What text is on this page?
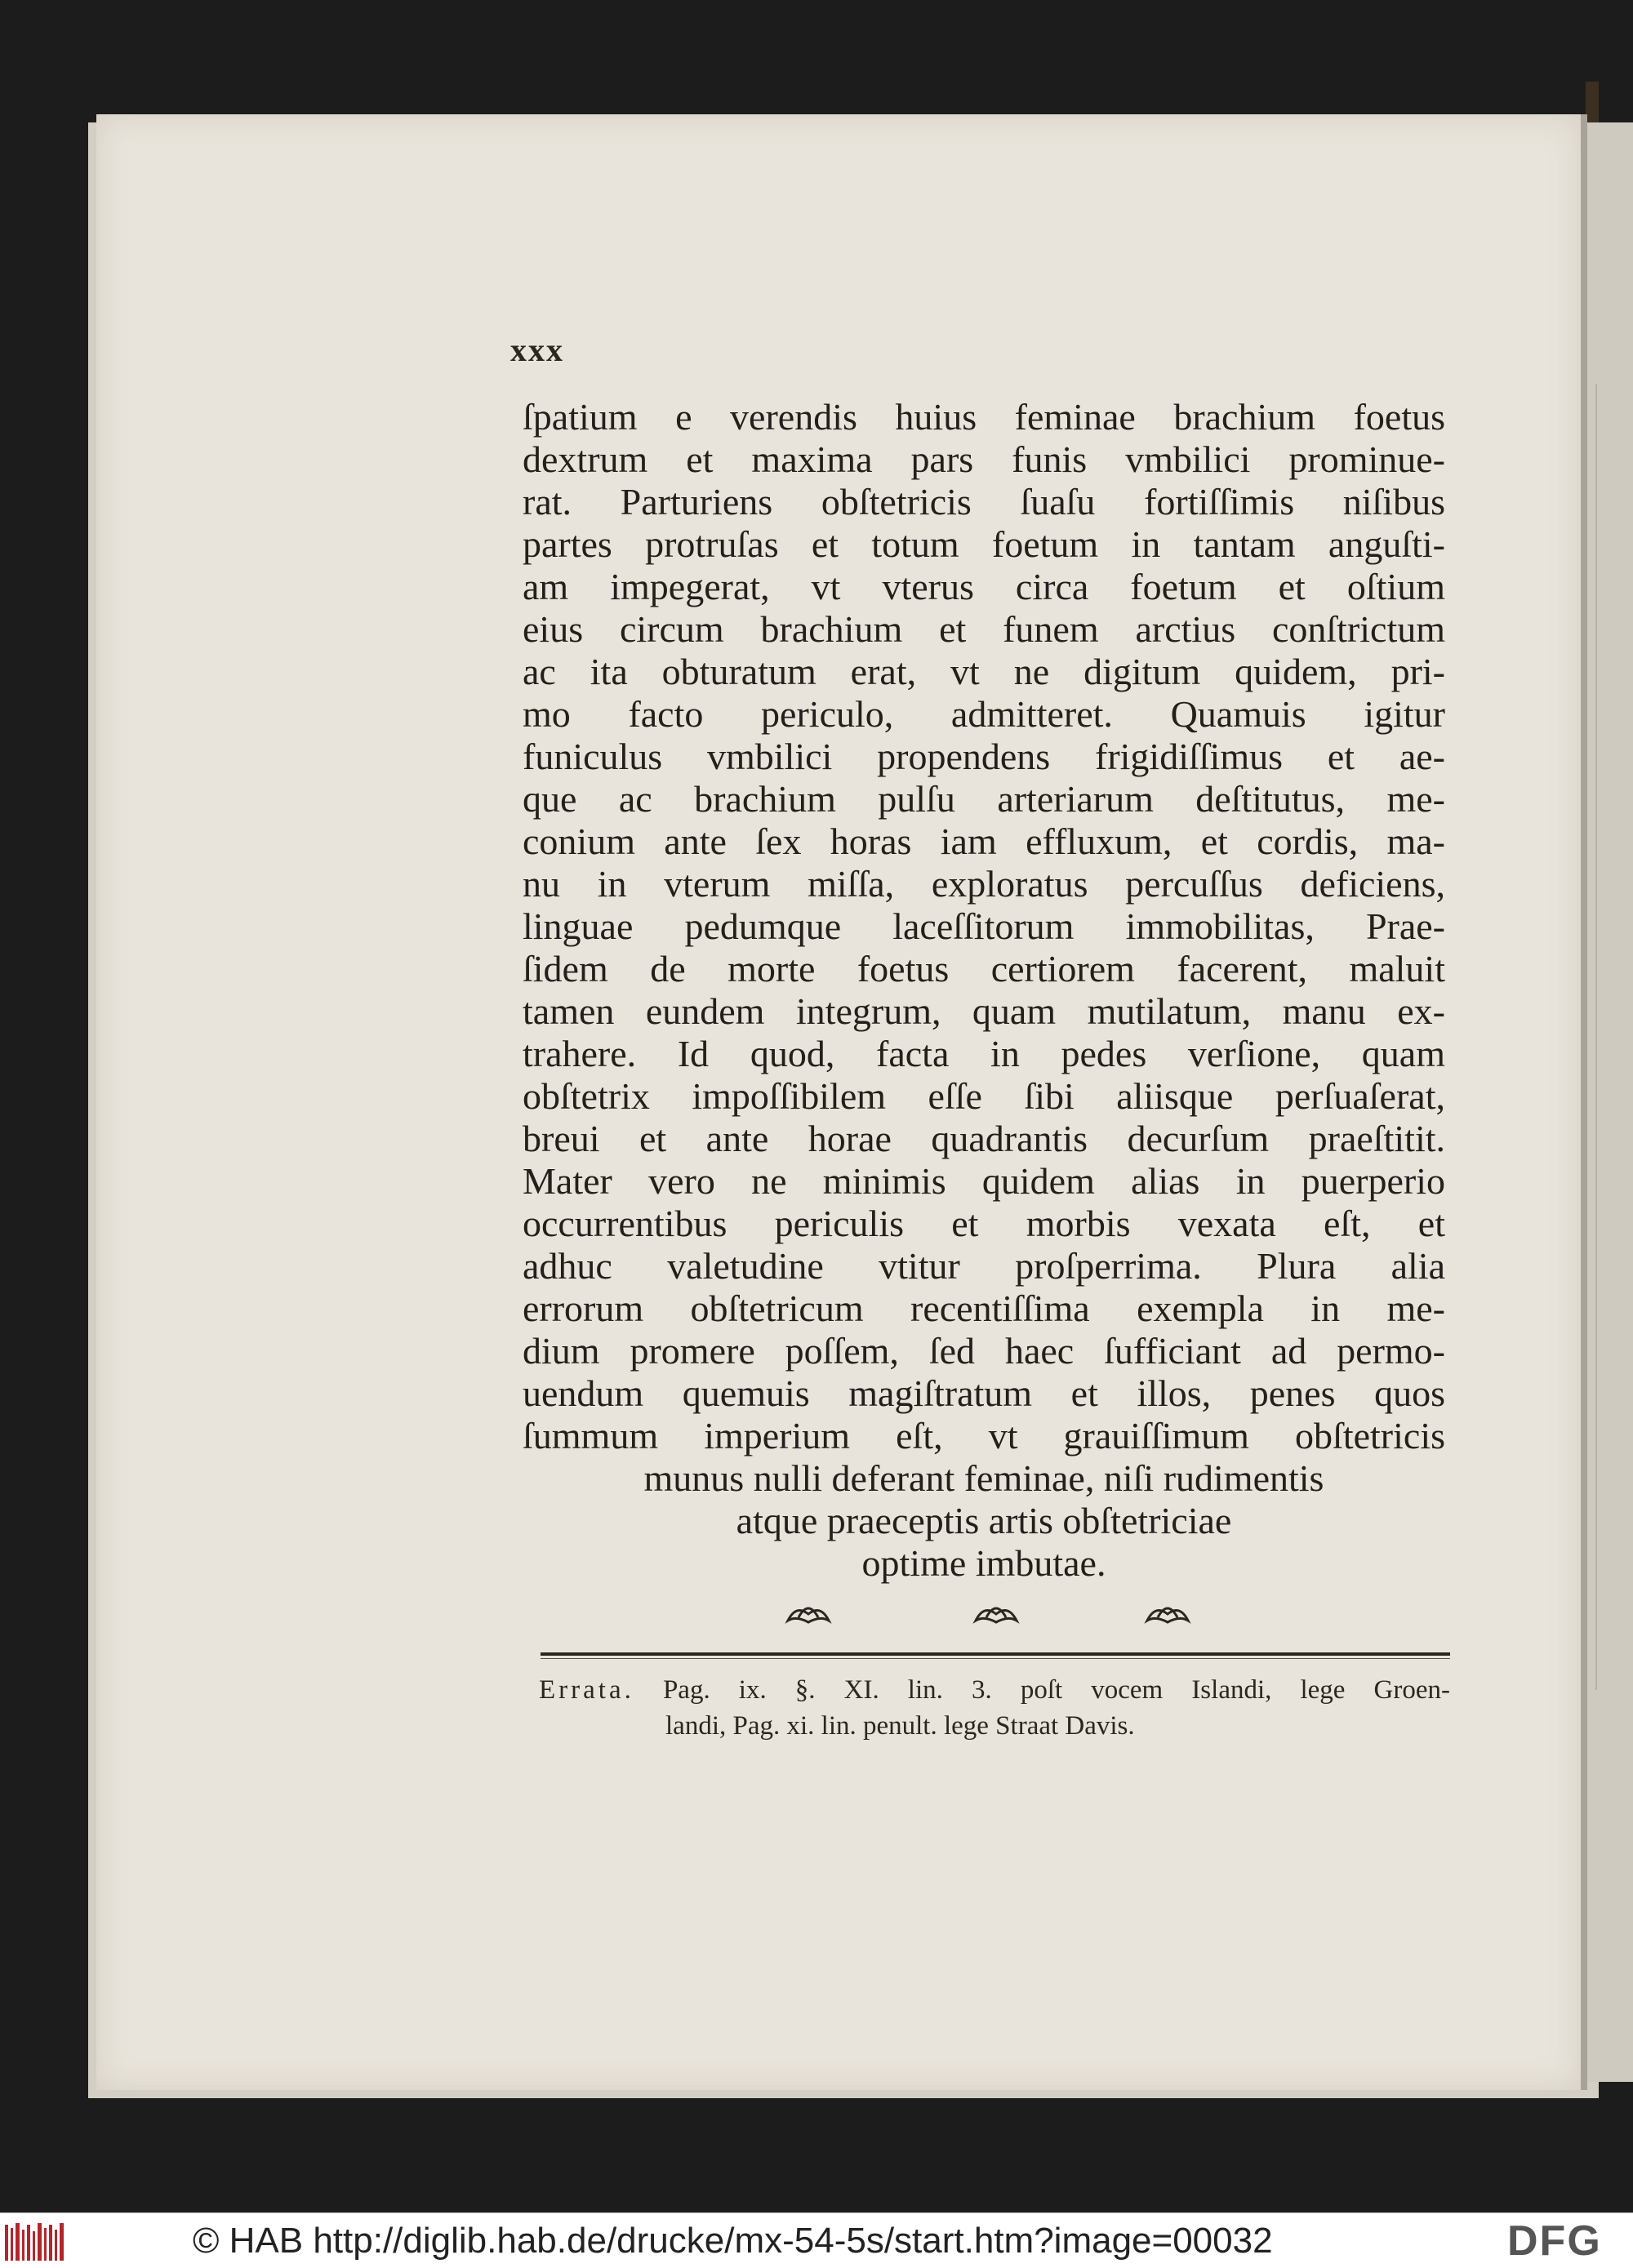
xxx
ſpatium e verendis huius feminae brachium foetus
dextrum et maxima pars funis vmbilici prominue-
rat. Parturiens obſtetricis ſuaſu fortiſſimis niſibus
partes protruſas et totum foetum in tantam anguſti-
am impegerat, vt vterus circa foetum et oſtium
eius circum brachium et funem arctius conſtrictum
ac ita obturatum erat, vt ne digitum quidem, pri-
mo facto periculo, admitteret. Quamuis igitur
funiculus vmbilici propendens frigidiſſimus et ae-
que ac brachium pulſu arteriarum deſtitutus, me-
conium ante ſex horas iam effluxum, et cordis, ma-
nu in vterum miſſa, exploratus percuſſus deficiens,
linguae pedumque laceſſitorum immobilitas, Prae-
ſidem de morte foetus certiorem facerent, maluit
tamen eundem integrum, quam mutilatum, manu ex-
trahere. Id quod, facta in pedes verſione, quam
obſtetrix impoſſibilem eſſe ſibi aliisque perſuaſerat,
breui et ante horae quadrantis decurſum praeſtitit.
Mater vero ne minimis quidem alias in puerperio
occurrentibus periculis et morbis vexata eſt, et
adhuc valetudine vtitur proſperrima. Plura alia
errorum obſtetricum recentiſſima exempla in me-
dium promere poſſem, ſed haec ſufficiant ad permo-
uendum quemuis magiſtratum et illos, penes quos
ſummum imperium eſt, vt grauiſſimum obſtetricis
munus nulli deferant feminae, niſi rudimentis
atque praeceptis artis obſtetriciae
optime imbutae.
Errata. Pag. ix. §. XI. lin. 3. poſt vocem Islandi, lege Groen-
landi, Pag. xi. lin. penult. lege Straat Davis.
© HAB http://diglib.hab.de/drucke/mx-54-5s/start.htm?image=00032	DFG
